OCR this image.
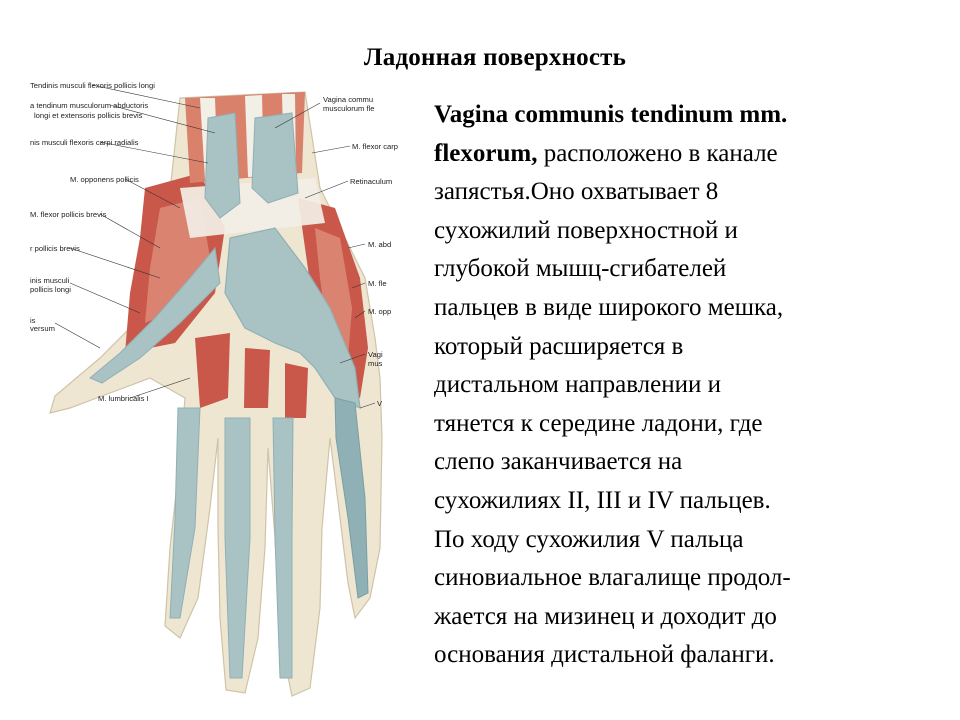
Ладонная поверхность
Tendinis musculi flexoris pollicis longi
a tendinum musculorum abductoris
longi et extensoris pollicis brevis
nis musculi flexoris carpi radialis
M. opponens pollicis
M. flexor pollicis brevis
r pollicis brevis
inis musculi
pollicis longi
is
versum
M. lumbricalis I
Vagina commu
musculorum fle
M. flexor carp
Retinaculum
M. abd
M. fle
M. opp
Vagi
mus
V
Vagina communis tendinum mm.
flexorum, расположено в канале
запястья.Оно охватывает 8
сухожилий поверхностной и
глубокой мышц-сгибателей
пальцев в виде широкого мешка,
который расширяется в
дистальном направлении и
тянется к середине ладони, где
слепо заканчивается на
сухожилиях II, III и IV пальцев.
По ходу сухожилия V пальца
синовиальное влагалище продол-
жается на мизинец и доходит до
основания дистальной фаланги.
